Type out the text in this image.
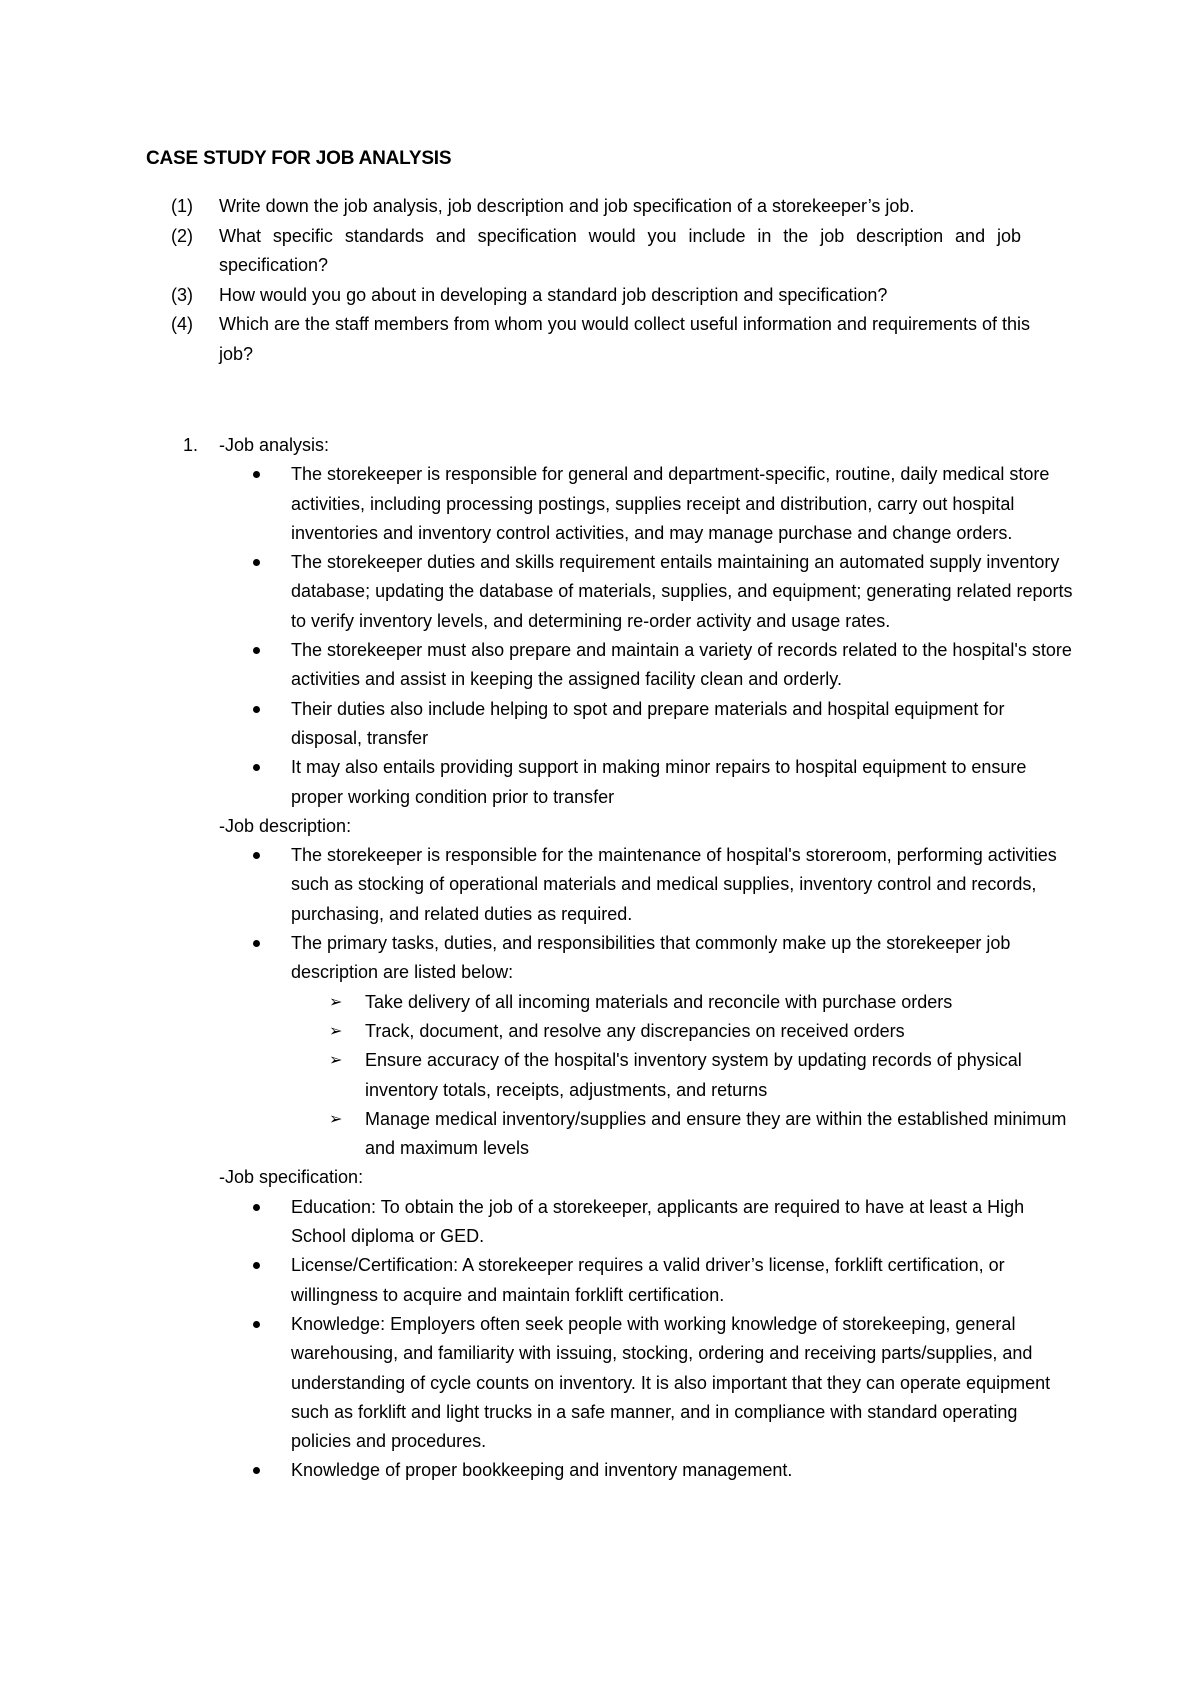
CASE STUDY FOR JOB ANALYSIS
(1) Write down the job analysis, job description and job specification of a storekeeper’s job.
(2) What specific standards and specification would you include in the job description and job specification?
(3) How would you go about in developing a standard job description and specification?
(4) Which are the staff members from whom you would collect useful information and requirements of this job?
1. -Job analysis:
The storekeeper is responsible for general and department-specific, routine, daily medical store activities, including processing postings, supplies receipt and distribution, carry out hospital inventories and inventory control activities, and may manage purchase and change orders.
The storekeeper duties and skills requirement entails maintaining an automated supply inventory database; updating the database of materials, supplies, and equipment; generating related reports to verify inventory levels, and determining re-order activity and usage rates.
The storekeeper must also prepare and maintain a variety of records related to the hospital's store activities and assist in keeping the assigned facility clean and orderly.
Their duties also include helping to spot and prepare materials and hospital equipment for disposal, transfer
It may also entails providing support in making minor repairs to hospital equipment to ensure proper working condition prior to transfer
-Job description:
The storekeeper is responsible for the maintenance of hospital's storeroom, performing activities such as stocking of operational materials and medical supplies, inventory control and records, purchasing, and related duties as required.
The primary tasks, duties, and responsibilities that commonly make up the storekeeper job description are listed below:
➢ Take delivery of all incoming materials and reconcile with purchase orders
➢ Track, document, and resolve any discrepancies on received orders
➢ Ensure accuracy of the hospital's inventory system by updating records of physical inventory totals, receipts, adjustments, and returns
➢ Manage medical inventory/supplies and ensure they are within the established minimum and maximum levels
-Job specification:
Education: To obtain the job of a storekeeper, applicants are required to have at least a High School diploma or GED.
License/Certification: A storekeeper requires a valid driver’s license, forklift certification, or willingness to acquire and maintain forklift certification.
Knowledge: Employers often seek people with working knowledge of storekeeping, general warehousing, and familiarity with issuing, stocking, ordering and receiving parts/supplies, and understanding of cycle counts on inventory. It is also important that they can operate equipment such as forklift and light trucks in a safe manner, and in compliance with standard operating policies and procedures.
Knowledge of proper bookkeeping and inventory management.
